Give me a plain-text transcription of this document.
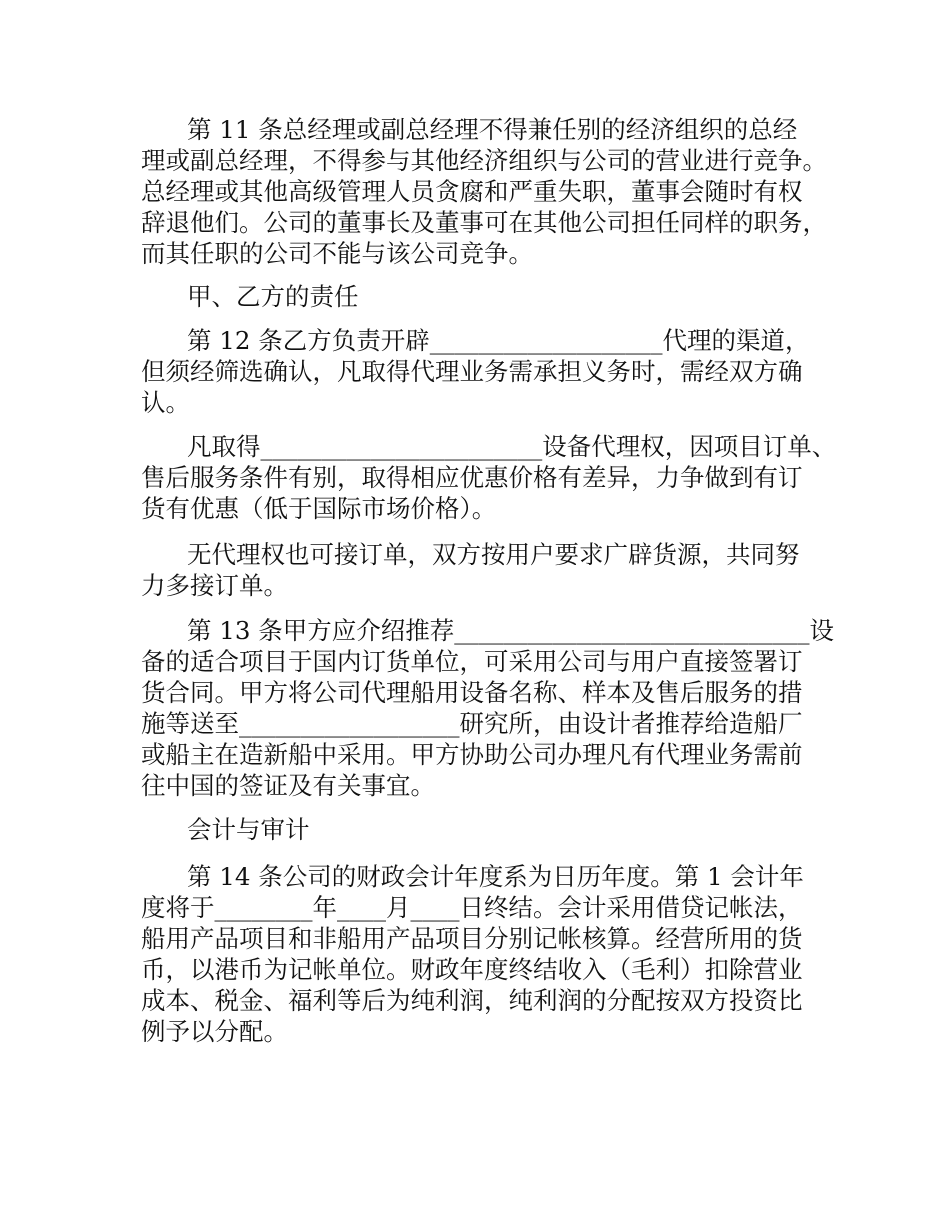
第 11 条总经理或副总经理不得兼任别的经济组织的总经
理或副总经理，不得参与其他经济组织与公司的营业进行竞争。
总经理或其他高级管理人员贪腐和严重失职，董事会随时有权
辞退他们。公司的董事长及董事可在其他公司担任同样的职务，
而其任职的公司不能与该公司竞争。

甲、乙方的责任

第 12 条乙方负责开辟___________________代理的渠道，
但须经筛选确认，凡取得代理业务需承担义务时，需经双方确
认。

凡取得_______________________设备代理权，因项目订单、
售后服务条件有别，取得相应优惠价格有差异，力争做到有订
货有优惠（低于国际市场价格）。

无代理权也可接订单，双方按用户要求广辟货源，共同努
力多接订单。

第 13 条甲方应介绍推荐_____________________________设
备的适合项目于国内订货单位，可采用公司与用户直接签署订
货合同。甲方将公司代理船用设备名称、样本及售后服务的措
施等送至__________________研究所，由设计者推荐给造船厂
或船主在造新船中采用。甲方协助公司办理凡有代理业务需前
往中国的签证及有关事宜。

会计与审计

第 14 条公司的财政会计年度系为日历年度。第 1 会计年
度将于________年____月____日终结。会计采用借贷记帐法，
船用产品项目和非船用产品项目分别记帐核算。经营所用的货
币，以港币为记帐单位。财政年度终结收入（毛利）扣除营业
成本、税金、福利等后为纯利润，纯利润的分配按双方投资比
例予以分配。
